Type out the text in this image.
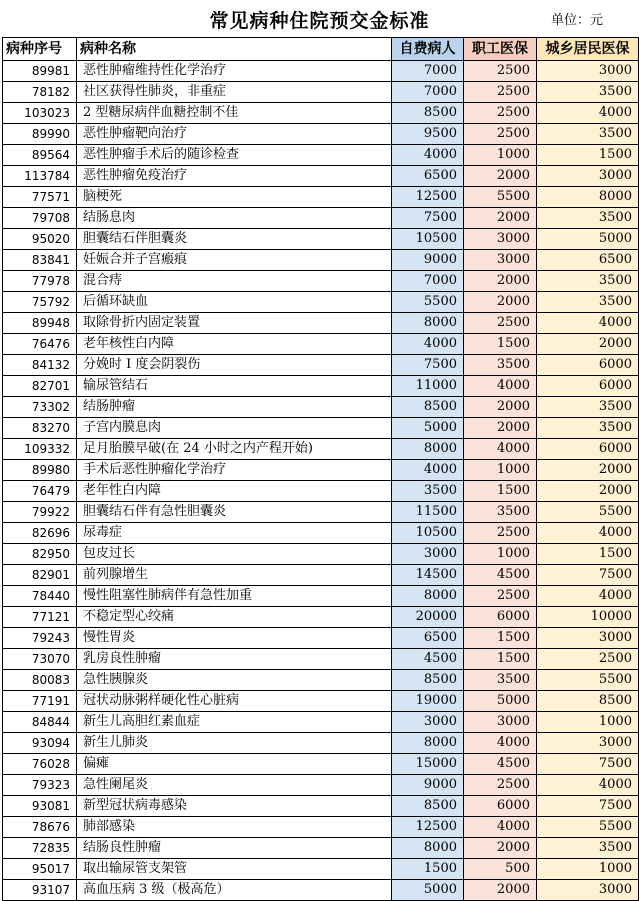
常见病种住院预交金标准	单位：元
病种序号	病种名称	自费病人	职工医保	城乡居民医保
89981	恶性肿瘤维持性化学治疗	7000	2500	3000
78182	社区获得性肺炎，非重症	7000	2500	3500
103023	2 型糖尿病伴血糖控制不佳	8500	2500	4000
89990	恶性肿瘤靶向治疗	9500	2500	3500
89564	恶性肿瘤手术后的随诊检查	4000	1000	1500
113784	恶性肿瘤免疫治疗	6500	2000	3000
77571	脑梗死	12500	5500	8000
79708	结肠息肉	7500	2000	3500
95020	胆囊结石伴胆囊炎	10500	3000	5000
83841	妊娠合并子宫瘢痕	9000	3000	6500
77978	混合痔	7000	2000	3500
75792	后循环缺血	5500	2000	3500
89948	取除骨折内固定装置	8000	2500	4000
76476	老年核性白内障	4000	1500	2000
84132	分娩时 I 度会阴裂伤	7500	3500	6000
82701	输尿管结石	11000	4000	6000
73302	结肠肿瘤	8500	2000	3500
83270	子宫内膜息肉	5000	2000	3500
109332	足月胎膜早破(在 24 小时之内产程开始)	8000	4000	6000
89980	手术后恶性肿瘤化学治疗	4000	1000	2000
76479	老年性白内障	3500	1500	2000
79922	胆囊结石伴有急性胆囊炎	11500	3500	5500
82696	尿毒症	10500	2500	4000
82950	包皮过长	3000	1000	1500
82901	前列腺增生	14500	4500	7500
78440	慢性阻塞性肺病伴有急性加重	8000	2500	4000
77121	不稳定型心绞痛	20000	6000	10000
79243	慢性胃炎	6500	1500	3000
73070	乳房良性肿瘤	4500	1500	2500
80083	急性胰腺炎	8500	3500	5500
77191	冠状动脉粥样硬化性心脏病	19000	5000	8500
84844	新生儿高胆红素血症	3000	3000	1000
93094	新生儿肺炎	8000	4000	3000
76028	偏瘫	15000	4500	7500
79323	急性阑尾炎	9000	2500	4000
93081	新型冠状病毒感染	8500	6000	7500
78676	肺部感染	12500	4000	5500
72835	结肠良性肿瘤	8000	2000	3500
95017	取出输尿管支架管	1500	500	1000
93107	高血压病 3 级（极高危）	5000	2000	3000
